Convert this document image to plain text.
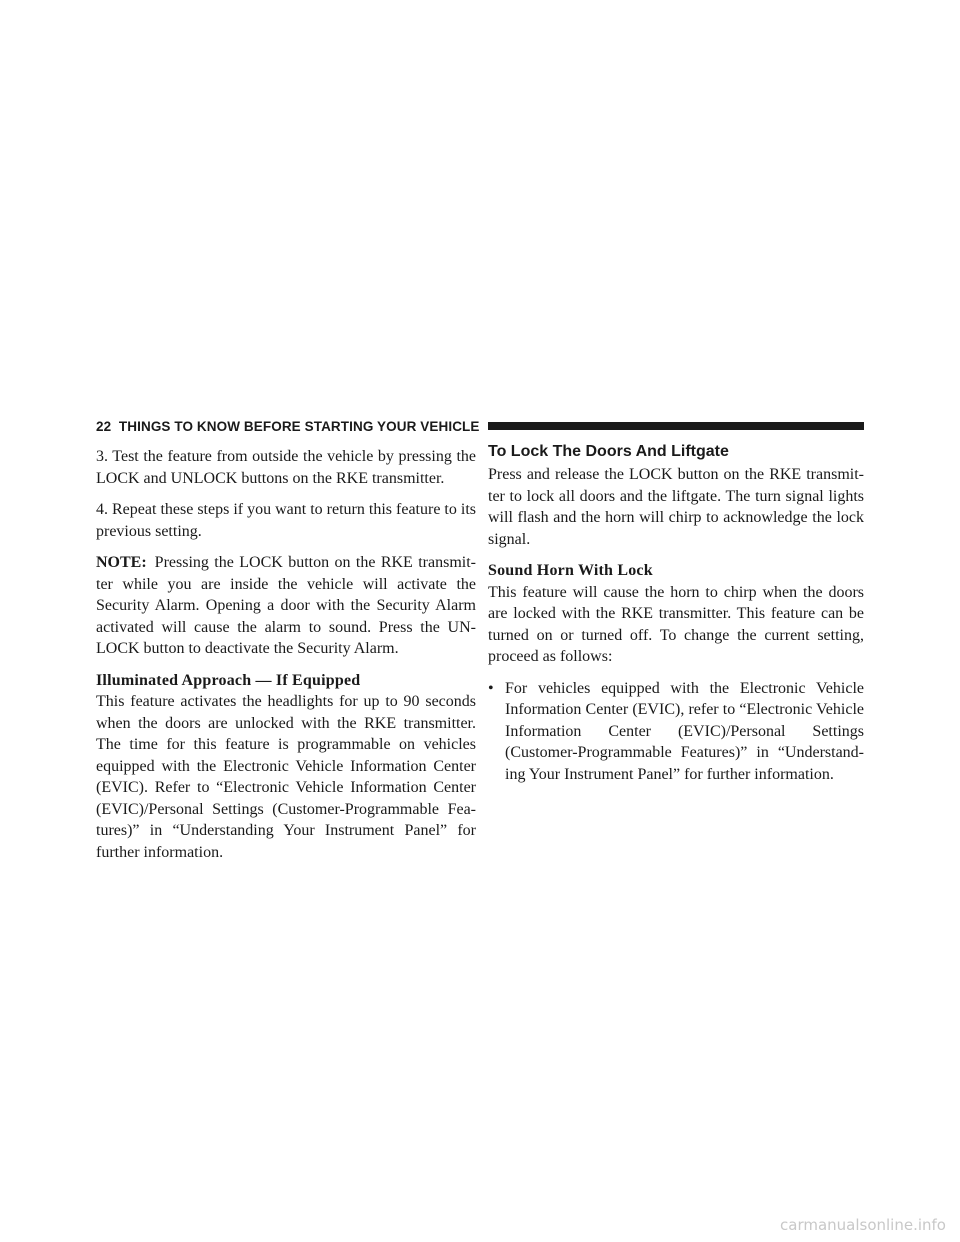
22 THINGS TO KNOW BEFORE STARTING YOUR VEHICLE

3. Test the feature from outside the vehicle by pressing the LOCK and UNLOCK buttons on the RKE transmitter.

4. Repeat these steps if you want to return this feature to its previous setting.

NOTE: Pressing the LOCK button on the RKE transmit-ter while you are inside the vehicle will activate the Security Alarm. Opening a door with the Security Alarm activated will cause the alarm to sound. Press the UN-LOCK button to deactivate the Security Alarm.

Illuminated Approach — If Equipped

This feature activates the headlights for up to 90 seconds when the doors are unlocked with the RKE transmitter. The time for this feature is programmable on vehicles equipped with the Electronic Vehicle Information Center (EVIC). Refer to “Electronic Vehicle Information Center (EVIC)/Personal Settings (Customer-Programmable Fea-tures)” in “Understanding Your Instrument Panel” for further information.

To Lock The Doors And Liftgate

Press and release the LOCK button on the RKE transmit-ter to lock all doors and the liftgate. The turn signal lights will flash and the horn will chirp to acknowledge the lock signal.

Sound Horn With Lock

This feature will cause the horn to chirp when the doors are locked with the RKE transmitter. This feature can be turned on or turned off. To change the current setting, proceed as follows:

• For vehicles equipped with the Electronic Vehicle Information Center (EVIC), refer to “Electronic Vehicle Information Center (EVIC)/Personal Settings (Customer-Programmable Features)” in “Understand-ing Your Instrument Panel” for further information.
carmanualsonline.info
